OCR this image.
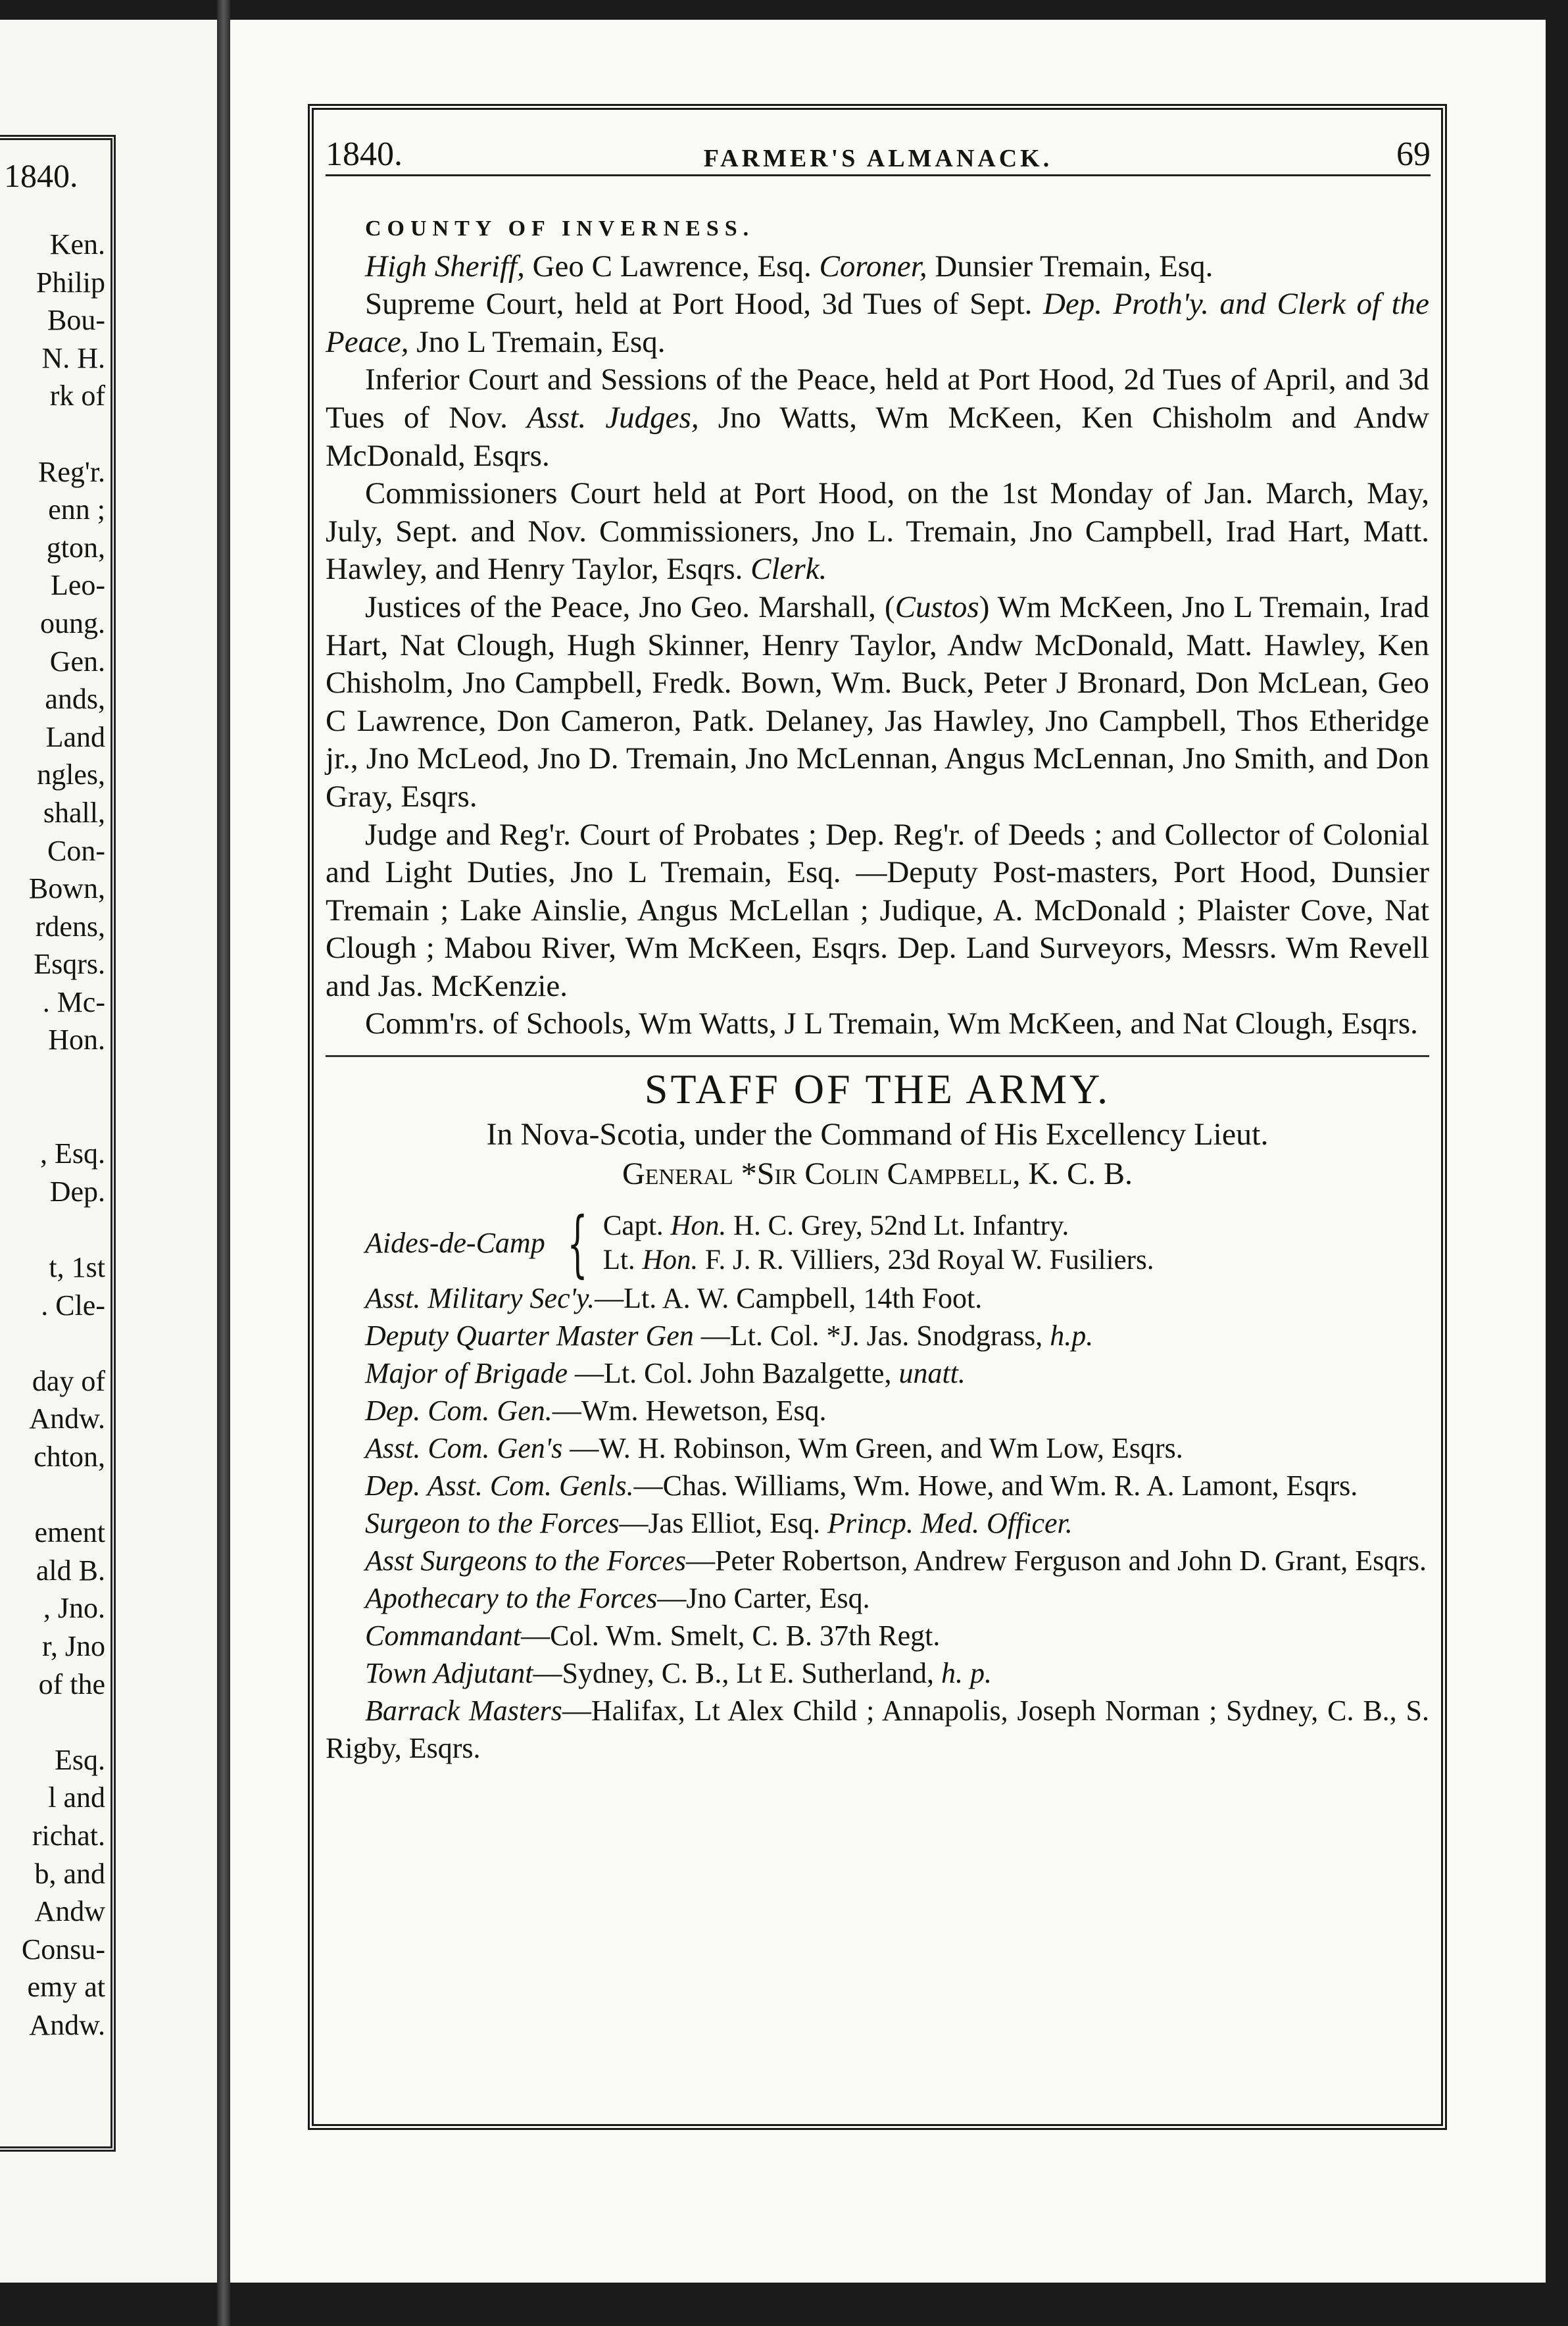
1840.
Ken.
Philip
Bou-
N. H.
rk of

Reg'r.
enn ;
gton,
Leo-
oung.
Gen.
ands,
Land
ngles,
shall,
Con-
Bown,
rdens,
Esqrs.
. Mc-
Hon.

, Esq.
Dep.

t, 1st
. Cle-

day of
Andw.
chton,

ement
ald B.
, Jno.
r, Jno
of the

Esq.
l and
richat.
b, and
Andw
Consu-
emy at
Andw.
1840.	FARMER'S ALMANACK.	69

COUNTY OF INVERNESS.

High Sheriff, Geo C Lawrence, Esq. Coroner, Dunsier Tremain, Esq.

Supreme Court, held at Port Hood, 3d Tues of Sept. Dep. Proth'y. and Clerk of the Peace, Jno L Tremain, Esq.

Inferior Court and Sessions of the Peace, held at Port Hood, 2d Tues of April, and 3d Tues of Nov. Asst. Judges, Jno Watts, Wm McKeen, Ken Chisholm and Andw McDonald, Esqrs.

Commissioners Court held at Port Hood, on the 1st Monday of Jan. March, May, July, Sept. and Nov. Commissioners, Jno L. Tremain, Jno Campbell, Irad Hart, Matt. Hawley, and Henry Taylor, Esqrs. Clerk.

Justices of the Peace, Jno Geo. Marshall, (Custos) Wm McKeen, Jno L Tremain, Irad Hart, Nat Clough, Hugh Skinner, Henry Taylor, Andw McDonald, Matt. Hawley, Ken Chisholm, Jno Campbell, Fredk. Bown, Wm. Buck, Peter J Bronard, Don McLean, Geo C Lawrence, Don Cameron, Patk. Delaney, Jas Hawley, Jno Campbell, Thos Etheridge jr., Jno McLeod, Jno D. Tremain, Jno McLennan, Angus McLennan, Jno Smith, and Don Gray, Esqrs.

Judge and Reg'r. Court of Probates ; Dep. Reg'r. of Deeds ; and Collector of Colonial and Light Duties, Jno L Tremain, Esq. —Deputy Post-masters, Port Hood, Dunsier Tremain ; Lake Ainslie, Angus McLellan ; Judique, A. McDonald ; Plaister Cove, Nat Clough ; Mabou River, Wm McKeen, Esqrs. Dep. Land Surveyors, Messrs. Wm Revell and Jas. McKenzie.

Comm'rs. of Schools, Wm Watts, J L Tremain, Wm McKeen, and Nat Clough, Esqrs.

STAFF OF THE ARMY.
In Nova-Scotia, under the Command of His Excellency Lieut.
General *Sir Colin Campbell, K. C. B.
Aides-de-Camp { Capt. Hon. H. C. Grey, 52nd Lt. Infantry.
Lt. Hon. F. J. R. Villiers, 23d Royal W. Fusiliers.

Asst. Military Sec'y.—Lt. A. W. Campbell, 14th Foot.

Deputy Quarter Master Gen —Lt. Col. *J. Jas. Snodgrass, h.p.

Major of Brigade —Lt. Col. John Bazalgette, unatt.

Dep. Com. Gen.—Wm. Hewetson, Esq.

Asst. Com. Gen's —W. H. Robinson, Wm Green, and Wm Low, Esqrs.

Dep. Asst. Com. Genls.—Chas. Williams, Wm. Howe, and Wm. R. A. Lamont, Esqrs.

Surgeon to the Forces—Jas Elliot, Esq. Princp. Med. Officer.

Asst Surgeons to the Forces—Peter Robertson, Andrew Ferguson and John D. Grant, Esqrs.

Apothecary to the Forces—Jno Carter, Esq.

Commandant—Col. Wm. Smelt, C. B. 37th Regt.

Town Adjutant—Sydney, C. B., Lt E. Sutherland, h. p.

Barrack Masters—Halifax, Lt Alex Child ; Annapolis, Joseph Norman ; Sydney, C. B., S. Rigby, Esqrs.
